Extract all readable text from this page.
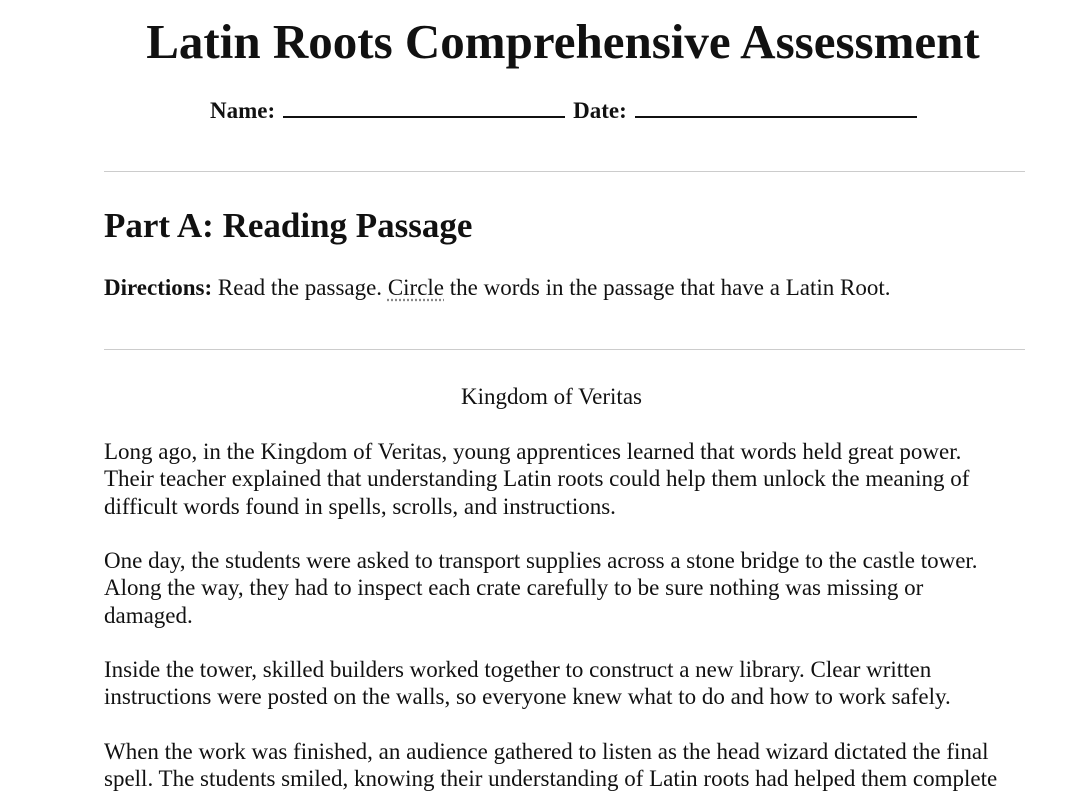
Latin Roots Comprehensive Assessment
Name:	Date:
Part A: Reading Passage
Directions: Read the passage. Circle the words in the passage that have a Latin Root.
Kingdom of Veritas

Long ago, in the Kingdom of Veritas, young apprentices learned that words held great power.
Their teacher explained that understanding Latin roots could help them unlock the meaning of
difficult words found in spells, scrolls, and instructions.

One day, the students were asked to transport supplies across a stone bridge to the castle tower.
Along the way, they had to inspect each crate carefully to be sure nothing was missing or
damaged.

Inside the tower, skilled builders worked together to construct a new library. Clear written
instructions were posted on the walls, so everyone knew what to do and how to work safely.

When the work was finished, an audience gathered to listen as the head wizard dictated the final
spell. The students smiled, knowing their understanding of Latin roots had helped them complete
